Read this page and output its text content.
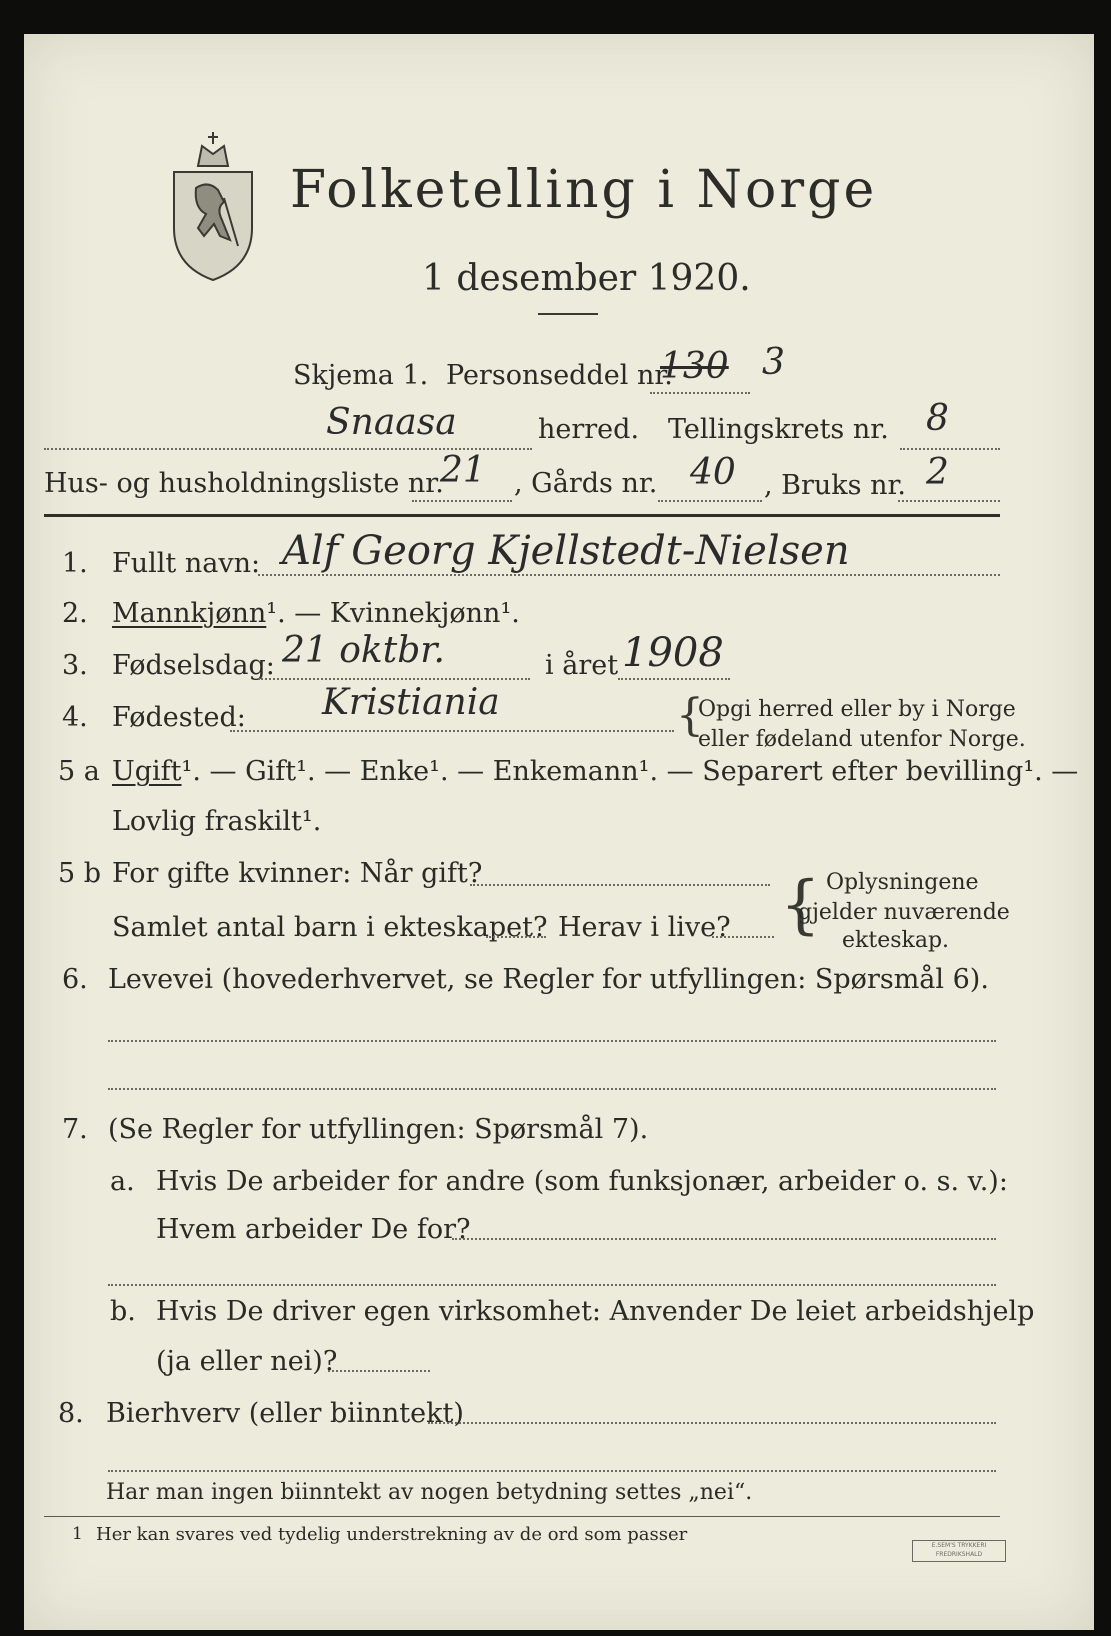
Folketelling i Norge
1 desember 1920.
Skjema 1. Personseddel nr.
130 3
Snaasa	herred. Tellingskrets nr. 8
Hus- og husholdningsliste nr.
21 , Gårds nr. 40 , Bruks nr. 2
1. Fullt navn: Alf Georg Kjellstedt-Nielsen
2. Mannkjønn¹. — Kvinnekjønn¹.
3. Fødselsdag: 21 oktbr.	i året 1908
4. Fødested: Kristiania	{
Opgi herred eller by i Norge
eller fødeland utenfor Norge.
5 a Ugift¹. — Gift¹. — Enke¹. — Enkemann¹. — Separert efter bevilling¹. —
Lovlig fraskilt¹.
5 b For gifte kvinner: Når gift?
Samlet antal barn i ekteskapet? Herav i live? { Oplysningene
gjelder nuværende
ekteskap.
6. Levevei (hovederhvervet, se Regler for utfyllingen: Spørsmål 6).
7. (Se Regler for utfyllingen: Spørsmål 7).
a. Hvis De arbeider for andre (som funksjonær, arbeider o. s. v.):
Hvem arbeider De for?
b. Hvis De driver egen virksomhet: Anvender De leiet arbeidshjelp
(ja eller nei)?
8. Bierhverv (eller biinntekt)
Har man ingen biinntekt av nogen betydning settes „nei“.
1 Her kan svares ved tydelig understrekning av de ord som passer
E.SEM'S TRYKKERI FREDRIKSHALD
